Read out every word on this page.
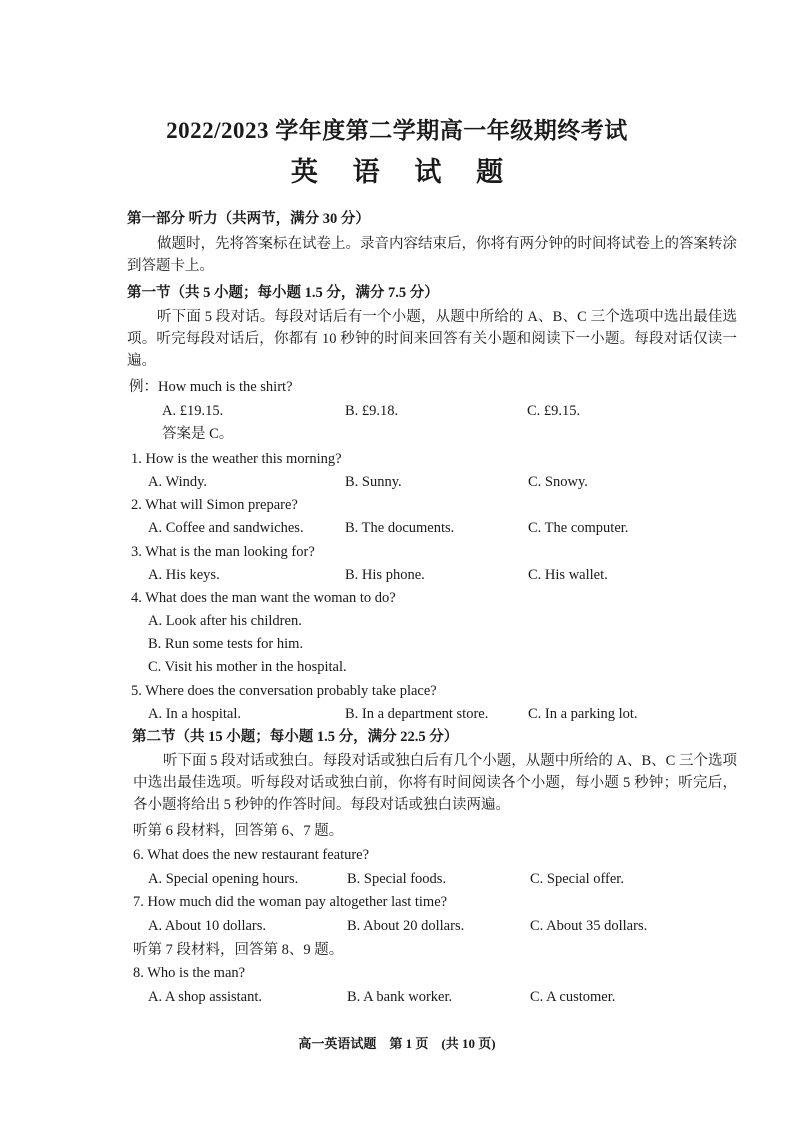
2022/2023 学年度第二学期高一年级期终考试
英 语 试 题
第一部分 听力（共两节，满分 30 分）
做题时，先将答案标在试卷上。录音内容结束后，你将有两分钟的时间将试卷上的答案转涂到答题卡上。
第一节（共 5 小题；每小题 1.5 分，满分 7.5 分）
听下面 5 段对话。每段对话后有一个小题，从题中所给的 A、B、C 三个选项中选出最佳选项。听完每段对话后，你都有 10 秒钟的时间来回答有关小题和阅读下一小题。每段对话仅读一遍。
例：How much is the shirt?
A. £19.15.	B. £9.18.	C. £9.15.
答案是 C。
1. How is the weather this morning?
A. Windy.	B. Sunny.	C. Snowy.
2. What will Simon prepare?
A. Coffee and sandwiches.	B. The documents.	C. The computer.
3. What is the man looking for?
A. His keys.	B. His phone.	C. His wallet.
4. What does the man want the woman to do?
A. Look after his children.
B. Run some tests for him.
C. Visit his mother in the hospital.
5. Where does the conversation probably take place?
A. In a hospital.	B. In a department store.	C. In a parking lot.
第二节（共 15 小题；每小题 1.5 分，满分 22.5 分）
听下面 5 段对话或独白。每段对话或独白后有几个小题，从题中所给的 A、B、C 三个选项中选出最佳选项。听每段对话或独白前，你将有时间阅读各个小题，每小题 5 秒钟；听完后，各小题将给出 5 秒钟的作答时间。每段对话或独白读两遍。
听第 6 段材料，回答第 6、7 题。
6. What does the new restaurant feature?
A. Special opening hours.	B. Special foods.	C. Special offer.
7. How much did the woman pay altogether last time?
A. About 10 dollars.	B. About 20 dollars.	C. About 35 dollars.
听第 7 段材料，回答第 8、9 题。
8. Who is the man?
A. A shop assistant.	B. A bank worker.	C. A customer.
高一英语试题　第 1 页　(共 10 页)
